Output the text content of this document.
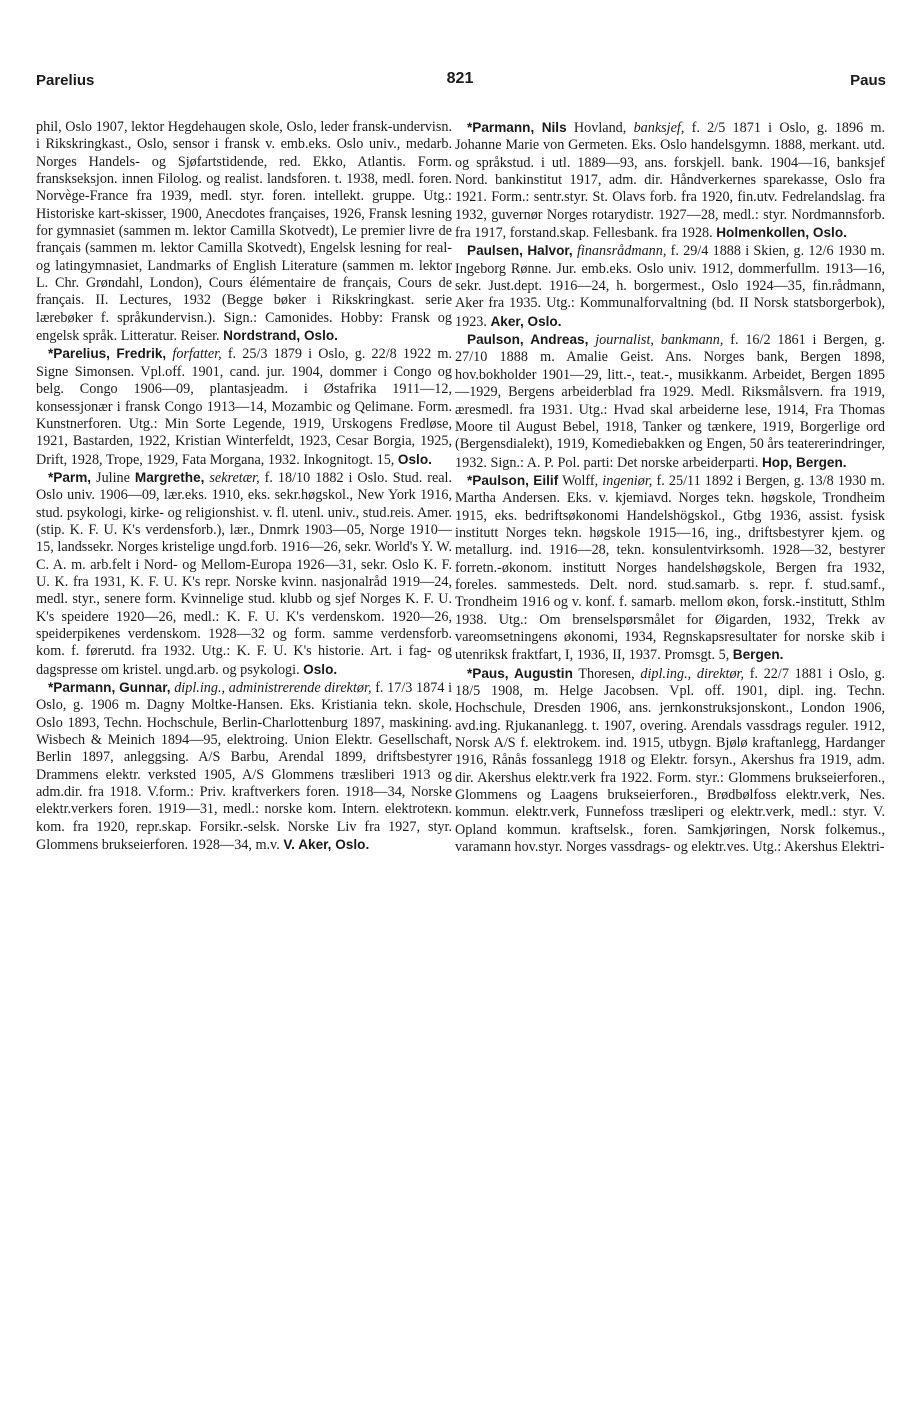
Parelius	821	Paus

phil, Oslo 1907, lektor Hegdehaugen skole, Oslo, leder fransk-undervisn. i Rikskringkast., Oslo, sensor i fransk v. emb.eks. Oslo univ., medarb. Norges Handels- og Sjøfartstidende, red. Ekko, Atlantis. Form. franskseksjon. innen Filolog. og realist. landsforen. t. 1938, medl. foren. Norvège-France fra 1939, medl. styr. foren. intellekt. gruppe. Utg.: Historiske kart-skisser, 1900, Anecdotes françaises, 1926, Fransk lesning for gymnasiet (sammen m. lektor Camilla Skotvedt), Le premier livre de français (sammen m. lektor Camilla Skotvedt), Engelsk lesning for real- og latingymnasiet, Landmarks of English Literature (sammen m. lektor L. Chr. Grøndahl, London), Cours élémentaire de français, Cours de français. II. Lectures, 1932 (Begge bøker i Rikskringkast. serie lærebøker f. språkundervisn.). Sign.: Camonides. Hobby: Fransk og engelsk språk. Litteratur. Reiser. Nordstrand, Oslo.

*Parelius, Fredrik, forfatter, f. 25/3 1879 i Oslo, g. 22/8 1922 m. Signe Simonsen. Vpl.off. 1901, cand. jur. 1904, dommer i Congo og belg. Congo 1906—09, plantasjeadm. i Østafrika 1911—12, konsessjonær i fransk Congo 1913—14, Mozambic og Qelimane. Form. Kunstnerforen. Utg.: Min Sorte Legende, 1919, Urskogens Fredløse, 1921, Bastarden, 1922, Kristian Winterfeldt, 1923, Cesar Borgia, 1925, Drift, 1928, Trope, 1929, Fata Morgana, 1932. Inkognitogt. 15, Oslo.

*Parm, Juline Margrethe, sekretær, f. 18/10 1882 i Oslo. Stud. real. Oslo univ. 1906—09, lær.eks. 1910, eks. sekr.høgskol., New York 1916, stud. psykologi, kirke- og religionshist. v. fl. utenl. univ., stud.reis. Amer. (stip. K. F. U. K's verdensforb.), lær., Dnmrk 1903—05, Norge 1910—15, landssekr. Norges kristelige ungd.forb. 1916—26, sekr. World's Y. W. C. A. m. arb.felt i Nord- og Mellom-Europa 1926—31, sekr. Oslo K. F. U. K. fra 1931, K. F. U. K's repr. Norske kvinn. nasjonalråd 1919—24, medl. styr., senere form. Kvinnelige stud. klubb og sjef Norges K. F. U. K's speidere 1920—26, medl.: K. F. U. K's verdenskom. 1920—26, speiderpikenes verdenskom. 1928—32 og form. samme verdensforb. kom. f. førerutd. fra 1932. Utg.: K. F. U. K's historie. Art. i fag- og dagspresse om kristel. ungd.arb. og psykologi. Oslo.

*Parmann, Gunnar, dipl.ing., administrerende direktør, f. 17/3 1874 i Oslo, g. 1906 m. Dagny Moltke-Hansen. Eks. Kristiania tekn. skole, Oslo 1893, Techn. Hochschule, Berlin-Charlottenburg 1897, maskining. Wisbech & Meinich 1894—95, elektroing. Union Elektr. Gesellschaft, Berlin 1897, anleggsing. A/S Barbu, Arendal 1899, driftsbestyrer Drammens elektr. verksted 1905, A/S Glommens træsliberi 1913 og adm.dir. fra 1918. V.form.: Priv. kraftverkers foren. 1918—34, Norske elektr.verkers foren. 1919—31, medl.: norske kom. Intern. elektroteкn. kom. fra 1920, repr.skap. Forsikr.-selsk. Norske Liv fra 1927, styr. Glommens brukseierforen. 1928—34, m.v. V. Aker, Oslo.

*Parmann, Nils Hovland, banksjef, f. 2/5 1871 i Oslo, g. 1896 m. Johanne Marie von Germeten. Eks. Oslo handelsgymn. 1888, merkant. utd. og språkstud. i utl. 1889—93, ans. forskjell. bank. 1904—16, banksjef Nord. bankinstitut 1917, adm. dir. Håndverkernes sparekasse, Oslo fra 1921. Form.: sentr.styr. St. Olavs forb. fra 1920, fin.utv. Fedrelandslag. fra 1932, guvernør Norges rotarydistr. 1927—28, medl.: styr. Nordmannsforb. fra 1917, forstand.skap. Fellesbank. fra 1928. Holmenkollen, Oslo.

Paulsen, Halvor, finansrådmann, f. 29/4 1888 i Skien, g. 12/6 1930 m. Ingeborg Rønne. Jur. emb.eks. Oslo univ. 1912, dommerfullm. 1913—16, sekr. Just.dept. 1916—24, h. borgermest., Oslo 1924—35, fin.rådmann, Aker fra 1935. Utg.: Kommunalforvaltning (bd. II Norsk statsborgerbok), 1923. Aker, Oslo.

Paulson, Andreas, journalist, bankmann, f. 16/2 1861 i Bergen, g. 27/10 1888 m. Amalie Geist. Ans. Norges bank, Bergen 1898, hov.bokholder 1901—29, litt.-, teat.-, musikkanm. Arbeidet, Bergen 1895—1929, Bergens arbeiderblad fra 1929. Medl. Riksmålsvern. fra 1919, æresmedl. fra 1931. Utg.: Hvad skal arbeiderne lese, 1914, Fra Thomas Moore til August Bebel, 1918, Tanker og tænkere, 1919, Borgerlige ord (Bergensdialekt), 1919, Komediebakken og Engen, 50 års teatererindringer, 1932. Sign.: A. P. Pol. parti: Det norske arbeiderparti. Hop, Bergen.

*Paulson, Eilif Wolff, ingeniør, f. 25/11 1892 i Bergen, g. 13/8 1930 m. Martha Andersen. Eks. v. kjemiavd. Norges tekn. høgskole, Trondheim 1915, eks. bedriftsøkonomi Handelshögskol., Gtbg 1936, assist. fysisk institutt Norges tekn. høgskole 1915—16, ing., driftsbestyrer kjem. og metallurg. ind. 1916—28, tekn. konsulentvirksomh. 1928—32, bestyrer forretn.-økonom. institutt Norges handelshøgskole, Bergen fra 1932, foreles. sammesteds. Delt. nord. stud.samarb. s. repr. f. stud.samf., Trondheim 1916 og v. konf. f. samarb. mellom økon, forsk.-institutt, Sthlm 1938. Utg.: Om brenselspørsmålet for Øigarden, 1932, Trekk av vareomsetningens økonomi, 1934, Regnskapsresultater for norske skib i utenriksk fraktfart, I, 1936, II, 1937. Promsgt. 5, Bergen.

*Paus, Augustin Thoresen, dipl.ing., direktør, f. 22/7 1881 i Oslo, g. 18/5 1908, m. Helge Jacobsen. Vpl. off. 1901, dipl. ing. Techn. Hochschule, Dresden 1906, ans. jernkonstruksjonskont., London 1906, avd.ing. Rjukananlegg. t. 1907, overing. Arendals vassdrags reguler. 1912, Norsk A/S f. elektrokem. ind. 1915, utbygn. Bjølø kraftanlegg, Hardanger 1916, Rånås fossanlegg 1918 og Elektr. forsyn., Akershus fra 1919, adm. dir. Akershus elektr.verk fra 1922. Form. styr.: Glommens brukseierforen., Glommens og Laagens brukseierforen., Brødbølfoss elektr.verk, Nes. kommun. elektr.verk, Funnefoss træsliperi og elektr.verk, medl.: styr. V. Opland kommun. kraftselsk., foren. Samkjøringen, Norsk folkemus., varamann hov.styr. Norges vassdrags- og elektr.ves. Utg.: Akershus Elektri-
